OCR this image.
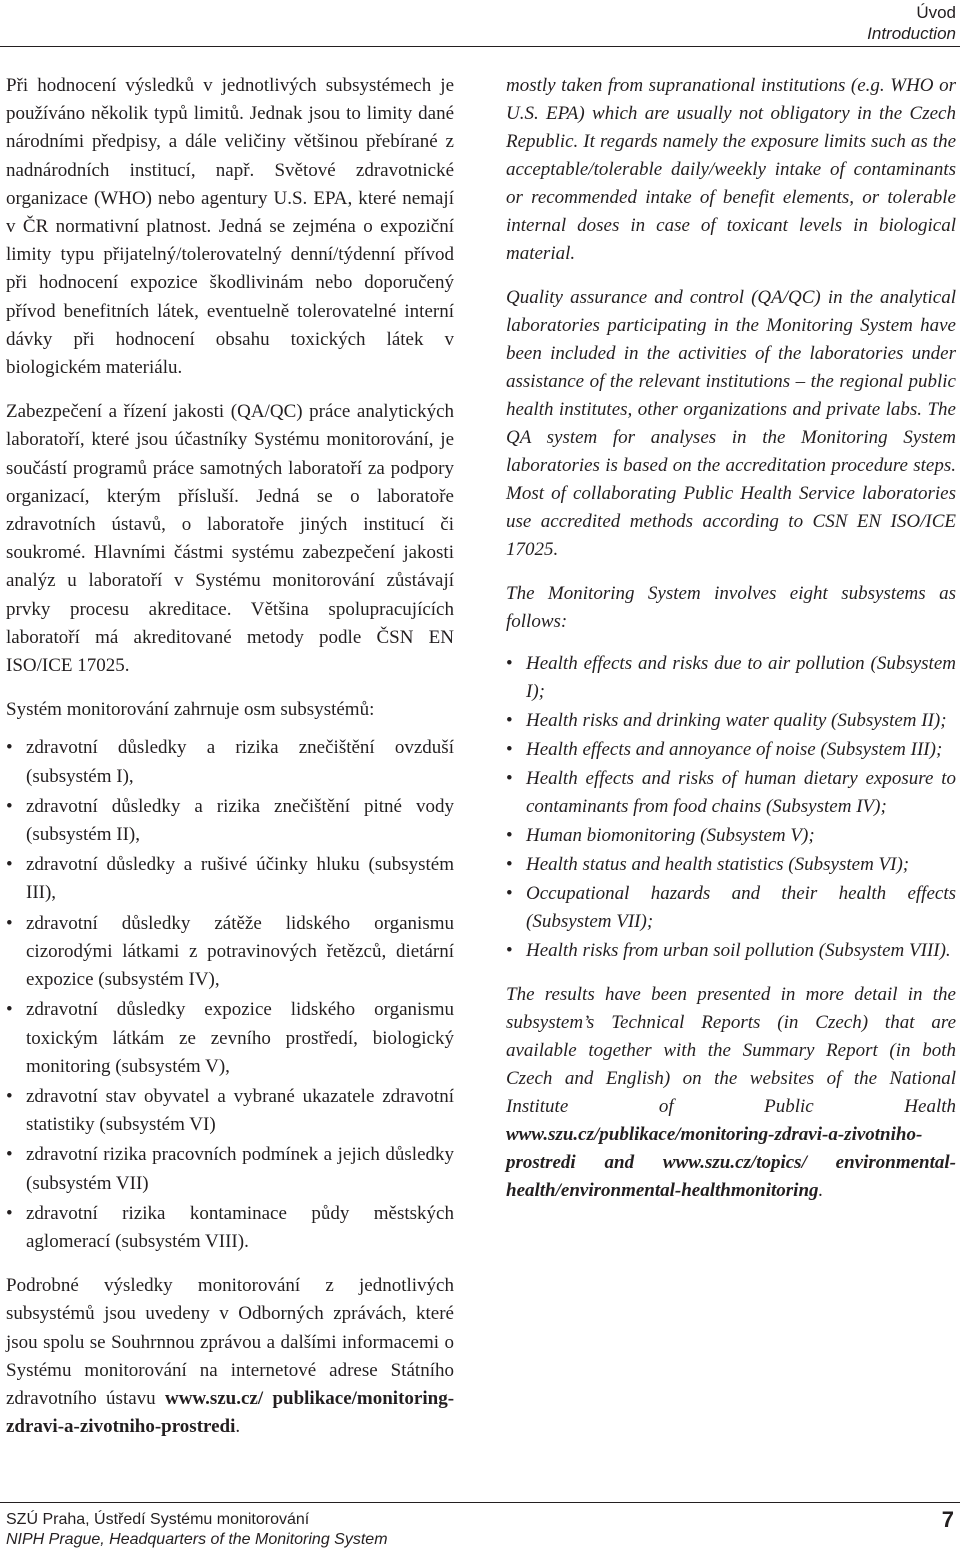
Úvod
Introduction

Při hodnocení výsledků v jednotlivých subsystémech je používáno několik typů limitů. Jednak jsou to limity dané národními předpisy, a dále veličiny většinou přebírané z nadnárodních institucí, např. Světové zdravotnické organizace (WHO) nebo agentury U.S. EPA, které nemají v ČR normativní platnost. Jedná se zejména o expoziční limity typu přijatelný/tolerovatelný denní/týdenní přívod při hodnocení expozice škodlivinám nebo doporučený přívod benefitních látek, eventuelně tolerovatelné interní dávky při hodnocení obsahu toxických látek v biologickém materiálu.

Zabezpečení a řízení jakosti (QA/QC) práce analytických laboratoří, které jsou účastníky Systému monitorování, je součástí programů práce samotných laboratoří za podpory organizací, kterým přísluší. Jedná se o laboratoře zdravotních ústavů, o laboratoře jiných institucí či soukromé. Hlavními částmi systému zabezpečení jakosti analýz u laboratoří v Systému monitorování zůstávají prvky procesu akreditace. Většina spolupracujících laboratoří má akreditované metody podle ČSN EN ISO/ICE 17025.

Systém monitorování zahrnuje osm subsystémů:

• zdravotní důsledky a rizika znečištění ovzduší (subsystém I),
• zdravotní důsledky a rizika znečištění pitné vody (subsystém II),
• zdravotní důsledky a rušivé účinky hluku (subsystém III),
• zdravotní důsledky zátěže lidského organismu cizorodými látkami z potravinových řetězců, dietární expozice (subsystém IV),
• zdravotní důsledky expozice lidského organismu toxickým látkám ze zevního prostředí, biologický monitoring (subsystém V),
• zdravotní stav obyvatel a vybrané ukazatele zdravotní statistiky (subsystém VI)
• zdravotní rizika pracovních podmínek a jejich důsledky (subsystém VII)
• zdravotní rizika kontaminace půdy městských aglomerací (subsystém VIII).

Podrobné výsledky monitorování z jednotlivých subsystémů jsou uvedeny v Odborných zprávách, které jsou spolu se Souhrnnou zprávou a dalšími informacemi o Systému monitorování na internetové adrese Státního zdravotního ústavu www.szu.cz/ publikace/monitoring-zdravi-a-zivotniho-prostredi.

mostly taken from supranational institutions (e.g. WHO or U.S. EPA) which are usually not obligatory in the Czech Republic. It regards namely the exposure limits such as the acceptable/tolerable daily/weekly intake of contaminants or recommended intake of benefit elements, or tolerable internal doses in case of toxicant levels in biological material.

Quality assurance and control (QA/QC) in the analytical laboratories participating in the Monitoring System have been included in the activities of the laboratories under assistance of the relevant institutions – the regional public health institutes, other organizations and private labs. The QA system for analyses in the Monitoring System laboratories is based on the accreditation procedure steps. Most of collaborating Public Health Service laboratories use accredited methods according to CSN EN ISO/ICE 17025.

The Monitoring System involves eight subsystems as follows:

• Health effects and risks due to air pollution (Subsystem I);
• Health risks and drinking water quality (Subsystem II);
• Health effects and annoyance of noise (Subsystem III);
• Health effects and risks of human dietary exposure to contaminants from food chains (Subsystem IV);
• Human biomonitoring (Subsystem V);
• Health status and health statistics (Subsystem VI);
• Occupational hazards and their health effects (Subsystem VII);
• Health risks from urban soil pollution (Subsystem VIII).

The results have been presented in more detail in the subsystem’s Technical Reports (in Czech) that are available together with the Summary Report (in both Czech and English) on the websites of the National Institute of Public Health www.szu.cz/publikace/monitoring-zdravi-a-zivotniho-prostredi and www.szu.cz/topics/ environmental-health/environmental-healthmonitoring.

SZÚ Praha, Ústředí Systému monitorování
NIPH Prague, Headquarters of the Monitoring System
7
